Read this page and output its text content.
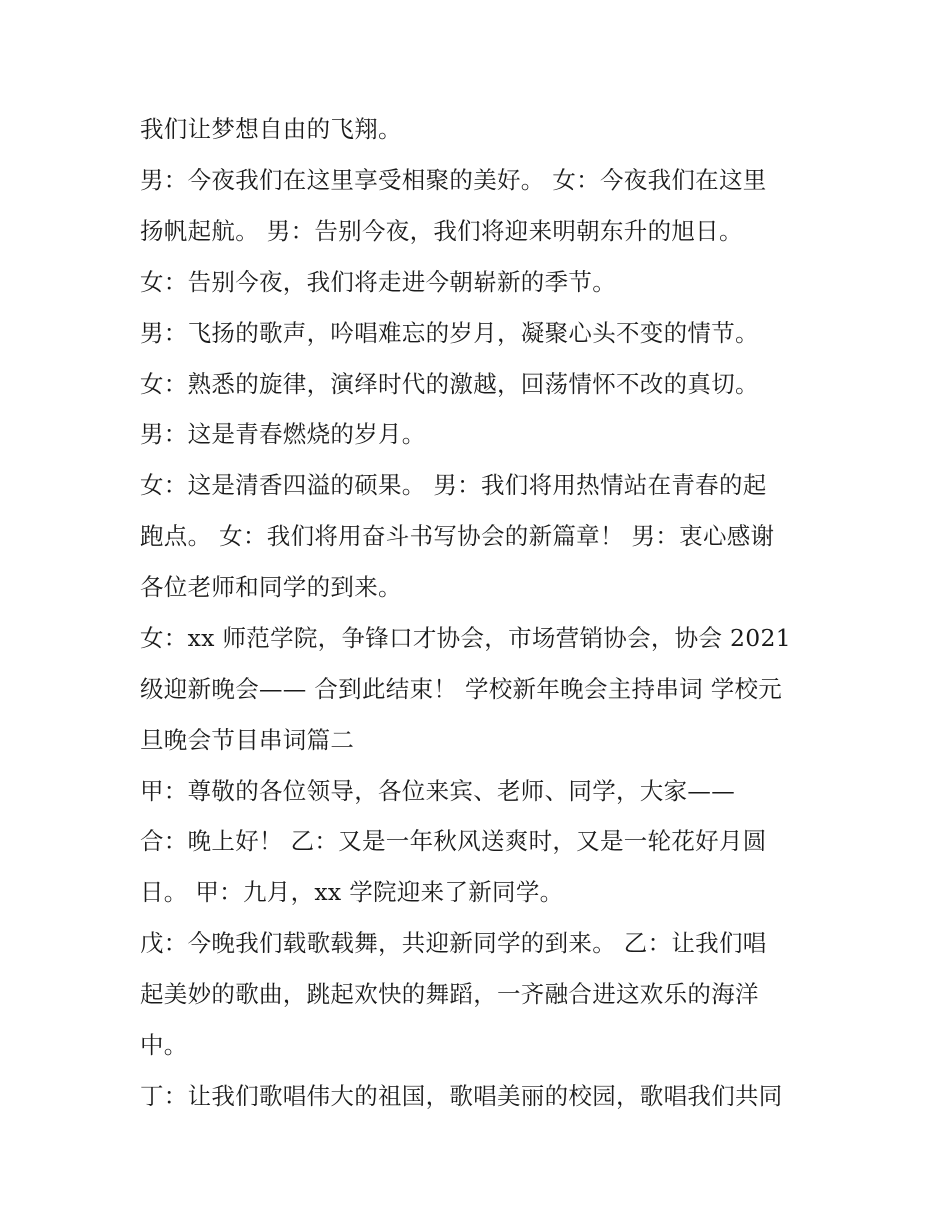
我们让梦想自由的飞翔。
男：今夜我们在这里享受相聚的美好。 女：今夜我们在这里
扬帆起航。 男：告别今夜，我们将迎来明朝东升的旭日。
女：告别今夜，我们将走进今朝崭新的季节。
男：飞扬的歌声，吟唱难忘的岁月，凝聚心头不变的情节。
女：熟悉的旋律，演绎时代的激越，回荡情怀不改的真切。
男：这是青春燃烧的岁月。
女：这是清香四溢的硕果。 男：我们将用热情站在青春的起
跑点。 女：我们将用奋斗书写协会的新篇章！ 男：衷心感谢
各位老师和同学的到来。
女：xx 师范学院，争锋口才协会，市场营销协会，协会 2021
级迎新晚会—— 合到此结束！ 学校新年晚会主持串词 学校元
旦晚会节目串词篇二
甲：尊敬的各位领导，各位来宾、老师、同学，大家——
合：晚上好！ 乙：又是一年秋风送爽时，又是一轮花好月圆
日。 甲：九月，xx 学院迎来了新同学。
戊：今晚我们载歌载舞，共迎新同学的到来。 乙：让我们唱
起美妙的歌曲，跳起欢快的舞蹈，一齐融合进这欢乐的海洋
中。
丁：让我们歌唱伟大的祖国，歌唱美丽的校园，歌唱我们共同
